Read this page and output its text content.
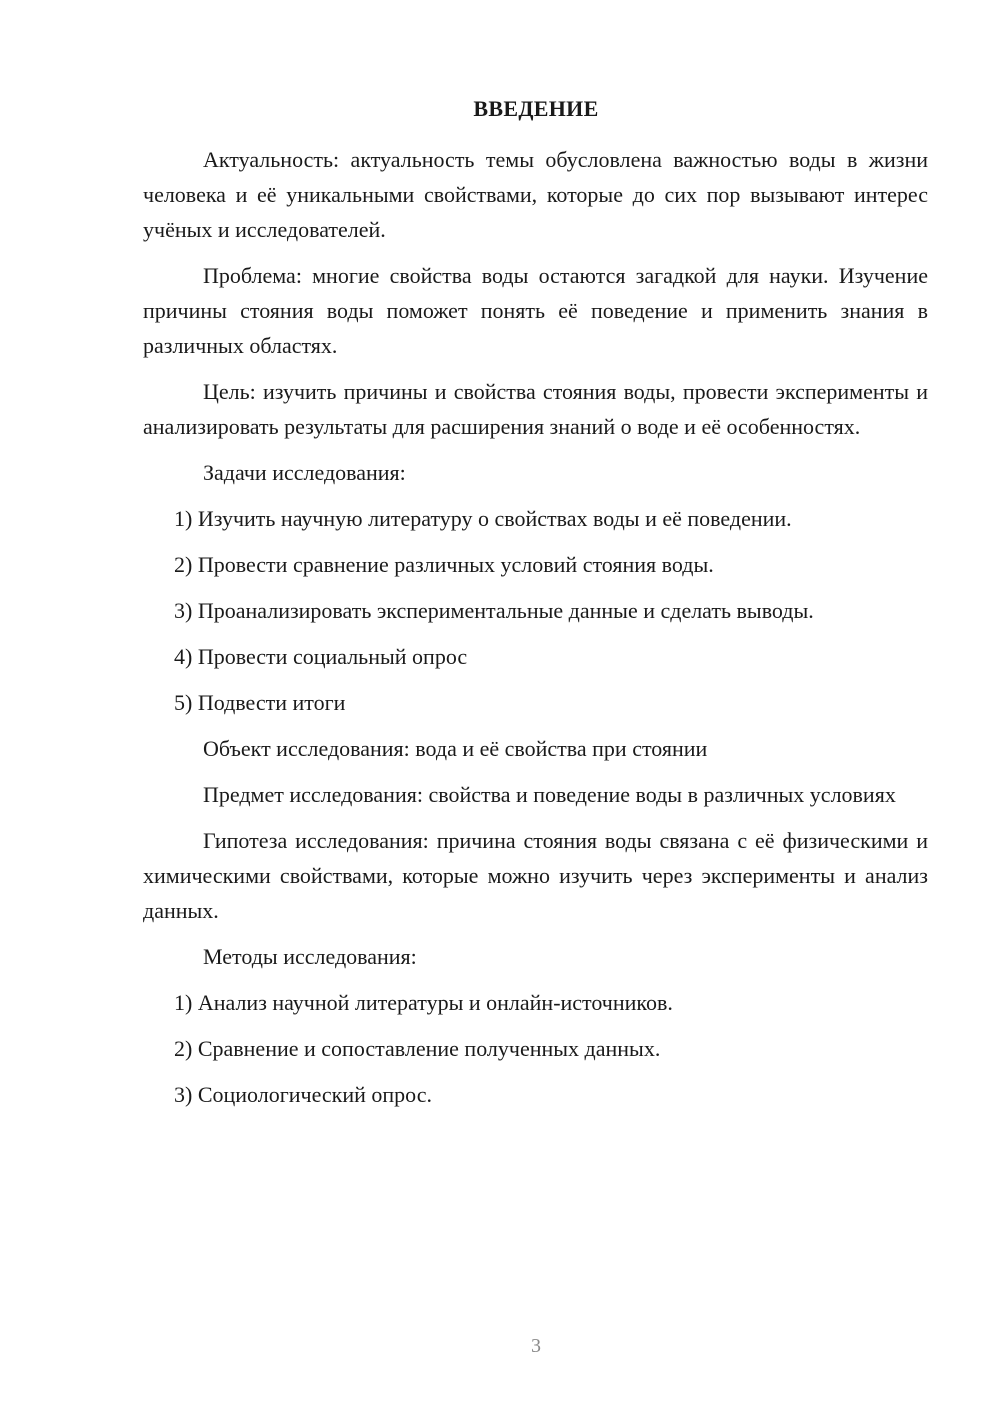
ВВЕДЕНИЕ

Актуальность: актуальность темы обусловлена важностью воды в жизни человека и её уникальными свойствами, которые до сих пор вызывают интерес учёных и исследователей.

Проблема: многие свойства воды остаются загадкой для науки. Изучение причины стояния воды поможет понять её поведение и применить знания в различных областях.

Цель: изучить причины и свойства стояния воды, провести эксперименты и анализировать результаты для расширения знаний о воде и её особенностях.

Задачи исследования:

1) Изучить научную литературу о свойствах воды и её поведении.

2) Провести сравнение различных условий стояния воды.

3) Проанализировать экспериментальные данные и сделать выводы.

4) Провести социальный опрос

5) Подвести итоги

Объект исследования: вода и её свойства при стоянии

Предмет исследования: свойства и поведение воды в различных условиях

Гипотеза исследования: причина стояния воды связана с её физическими и химическими свойствами, которые можно изучить через эксперименты и анализ данных.

Методы исследования:

1) Анализ научной литературы и онлайн-источников.

2) Сравнение и сопоставление полученных данных.

3) Социологический опрос.

3
